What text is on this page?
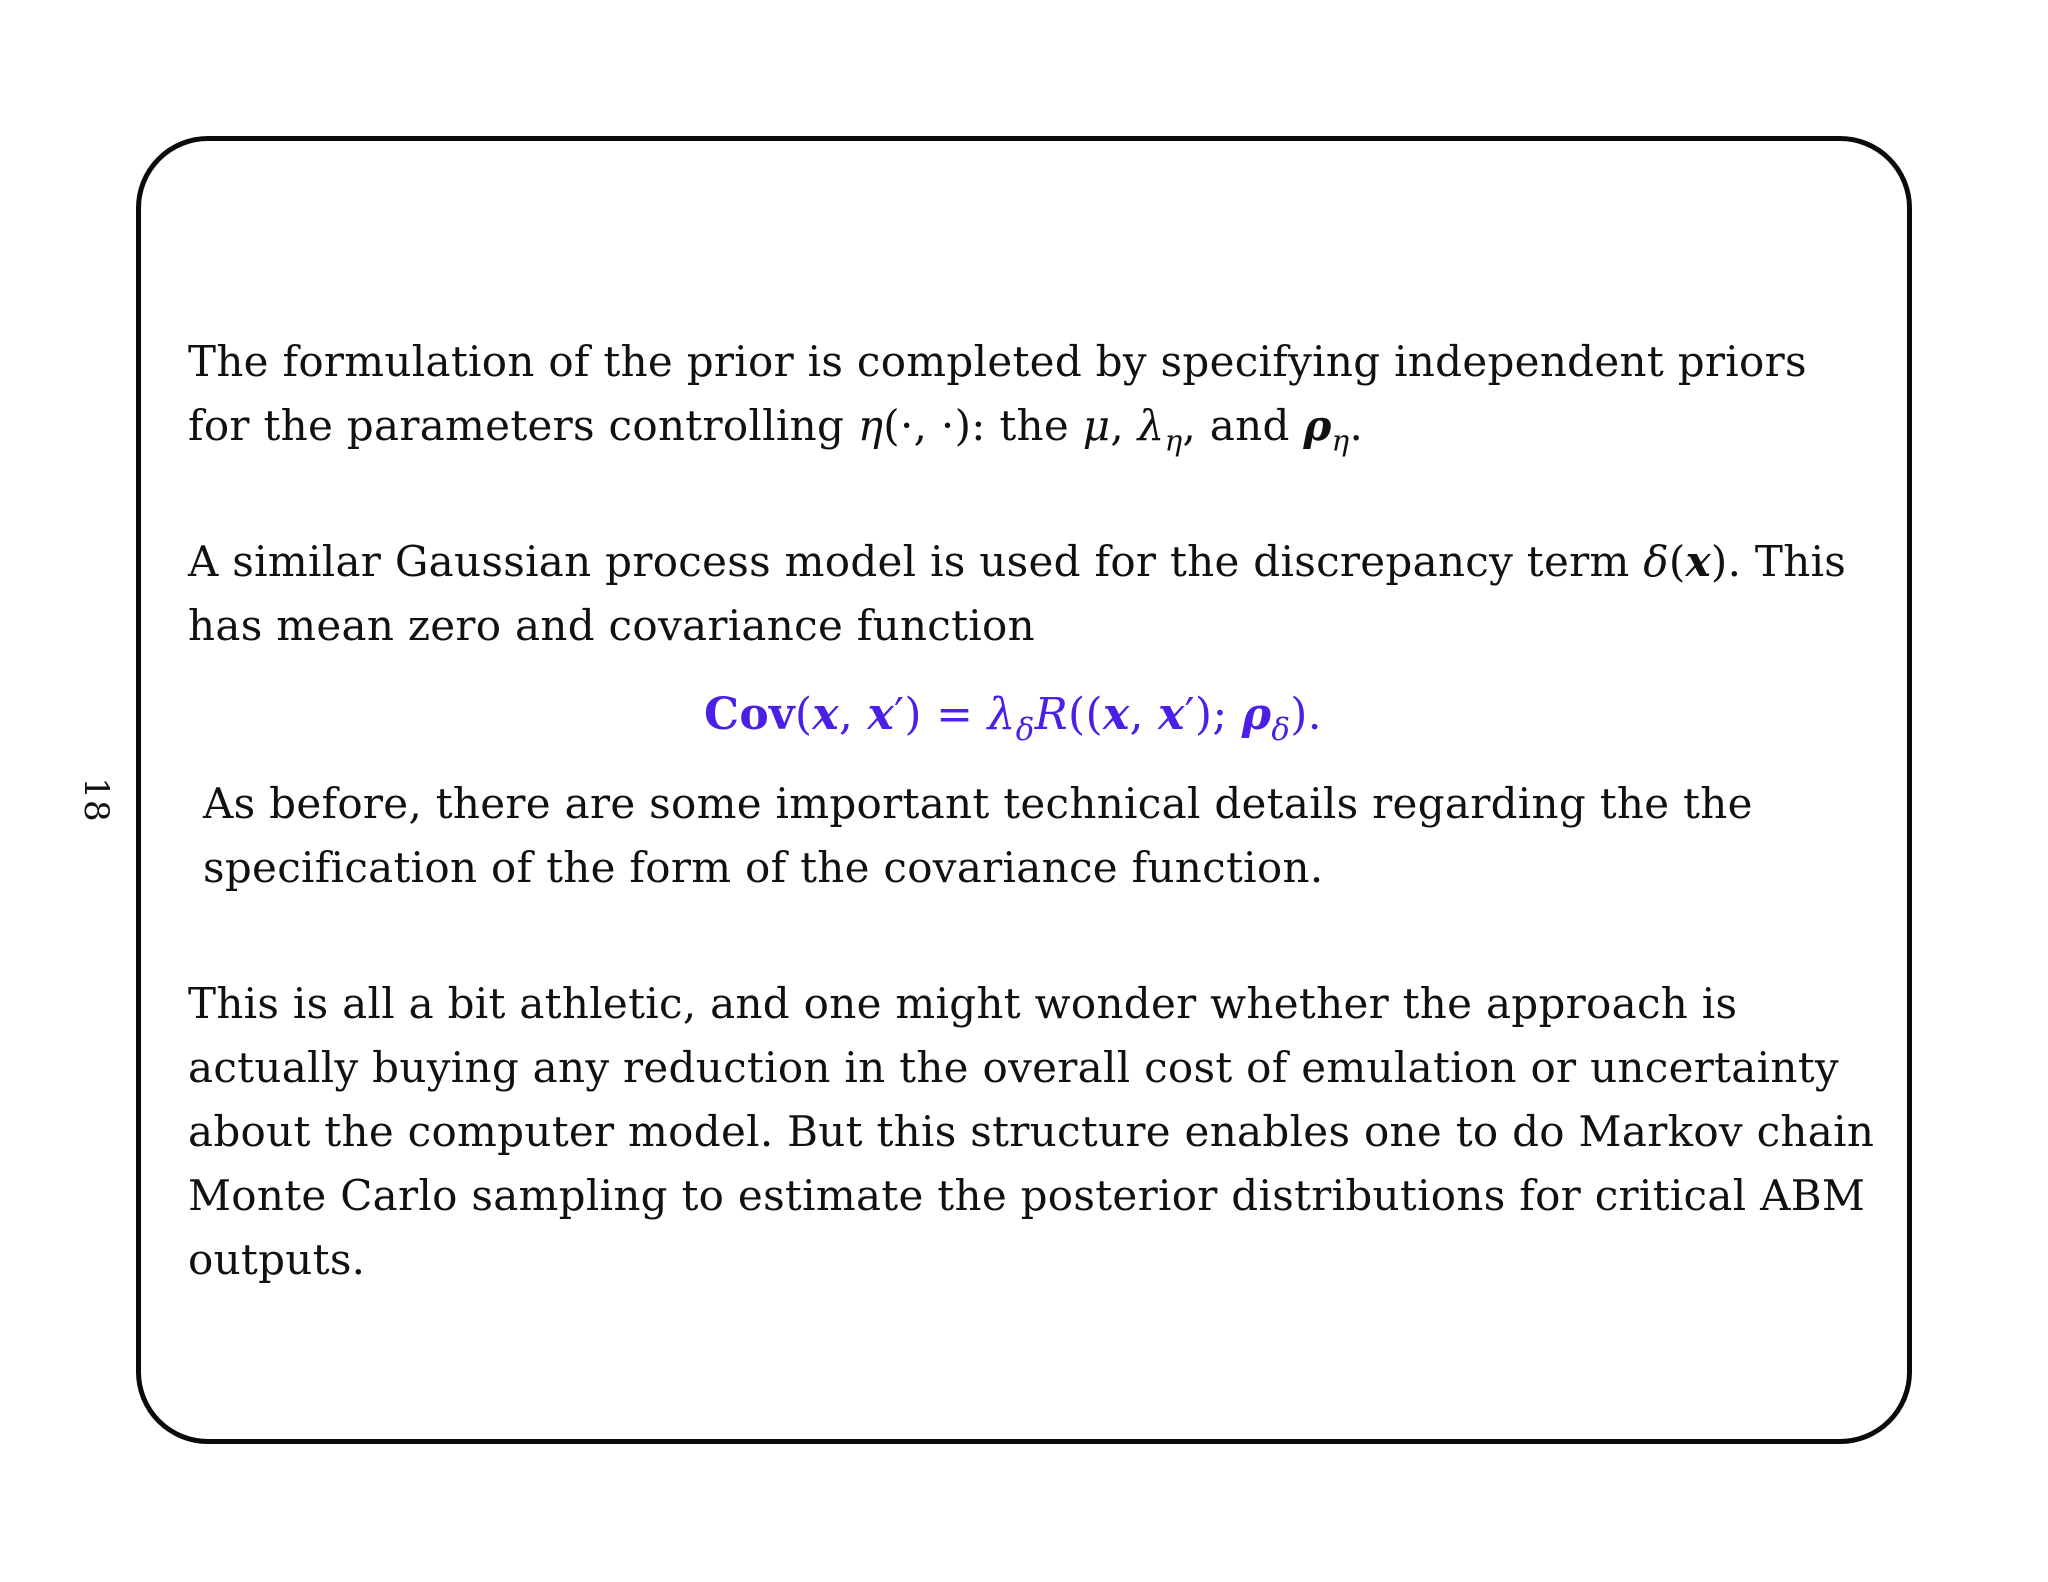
18

The formulation of the prior is completed by specifying independent priors for the parameters controlling η(·, ·): the μ, $\lambda_\eta$, and $\rho_\eta$.

A similar Gaussian process model is used for the discrepancy term δ(x). This has mean zero and covariance function

Cov(x, $x') = \lambda_\delta R((x$, x′); $\rho_\delta$).

As before, there are some important technical details regarding the the specification of the form of the covariance function.

This is all a bit athletic, and one might wonder whether the approach is actually buying any reduction in the overall cost of emulation or uncertainty about the computer model. But this structure enables one to do Markov chain Monte Carlo sampling to estimate the posterior distributions for critical ABM outputs.
